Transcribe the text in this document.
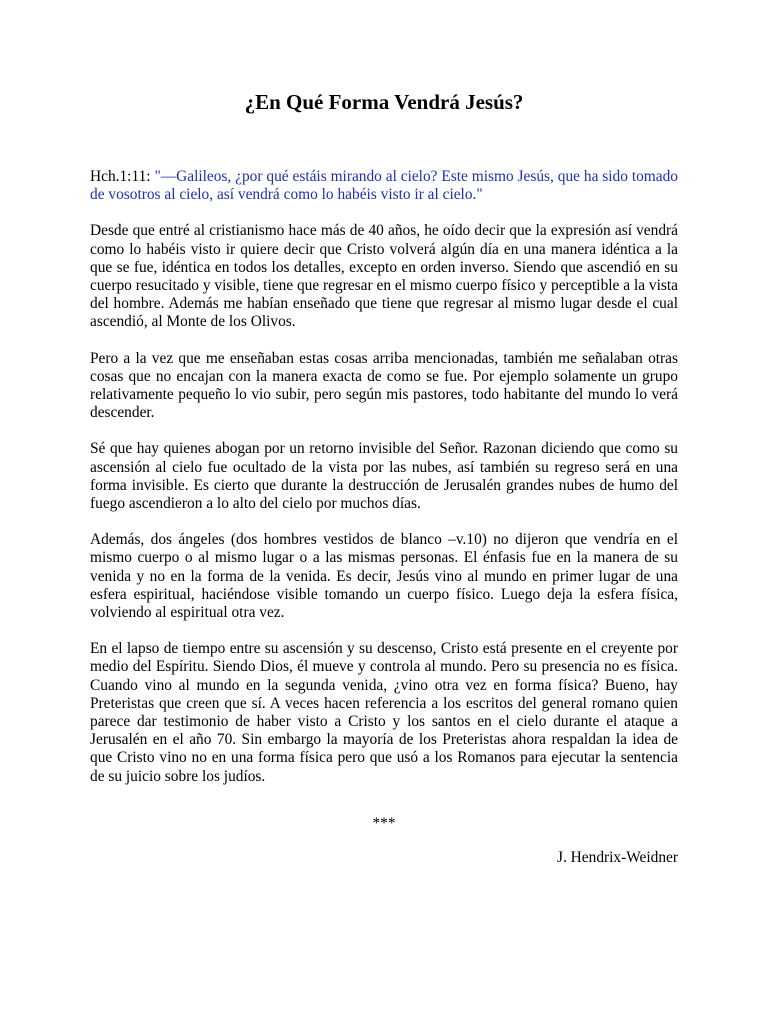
¿En Qué Forma Vendrá Jesús?

Hch.1:11: "—Galileos, ¿por qué estáis mirando al cielo? Este mismo Jesús, que ha sido tomado de vosotros al cielo, así vendrá como lo habéis visto ir al cielo."

Desde que entré al cristianismo hace más de 40 años, he oído decir que la expresión así vendrá como lo habéis visto ir quiere decir que Cristo volverá algún día en una manera idéntica a la que se fue, idéntica en todos los detalles, excepto en orden inverso. Siendo que ascendió en su cuerpo resucitado y visible, tiene que regresar en el mismo cuerpo físico y perceptible a la vista del hombre. Además me habían enseñado que tiene que regresar al mismo lugar desde el cual ascendió, al Monte de los Olivos.

Pero a la vez que me enseñaban estas cosas arriba mencionadas, también me señalaban otras cosas que no encajan con la manera exacta de como se fue. Por ejemplo solamente un grupo relativamente pequeño lo vio subir, pero según mis pastores, todo habitante del mundo lo verá descender.

Sé que hay quienes abogan por un retorno invisible del Señor. Razonan diciendo que como su ascensión al cielo fue ocultado de la vista por las nubes, así también su regreso será en una forma invisible. Es cierto que durante la destrucción de Jerusalén grandes nubes de humo del fuego ascendieron a lo alto del cielo por muchos días.

Además, dos ángeles (dos hombres vestidos de blanco –v.10) no dijeron que vendría en el mismo cuerpo o al mismo lugar o a las mismas personas. El énfasis fue en la manera de su venida y no en la forma de la venida. Es decir, Jesús vino al mundo en primer lugar de una esfera espiritual, haciéndose visible tomando un cuerpo físico. Luego deja la esfera física, volviendo al espiritual otra vez.

En el lapso de tiempo entre su ascensión y su descenso, Cristo está presente en el creyente por medio del Espíritu. Siendo Dios, él mueve y controla al mundo. Pero su presencia no es física. Cuando vino al mundo en la segunda venida, ¿vino otra vez en forma física? Bueno, hay Preteristas que creen que sí. A veces hacen referencia a los escritos del general romano quien parece dar testimonio de haber visto a Cristo y los santos en el cielo durante el ataque a Jerusalén en el año 70. Sin embargo la mayoría de los Preteristas ahora respaldan la idea de que Cristo vino no en una forma física pero que usó a los Romanos para ejecutar la sentencia de su juicio sobre los judíos.

***

J. Hendrix-Weidner
